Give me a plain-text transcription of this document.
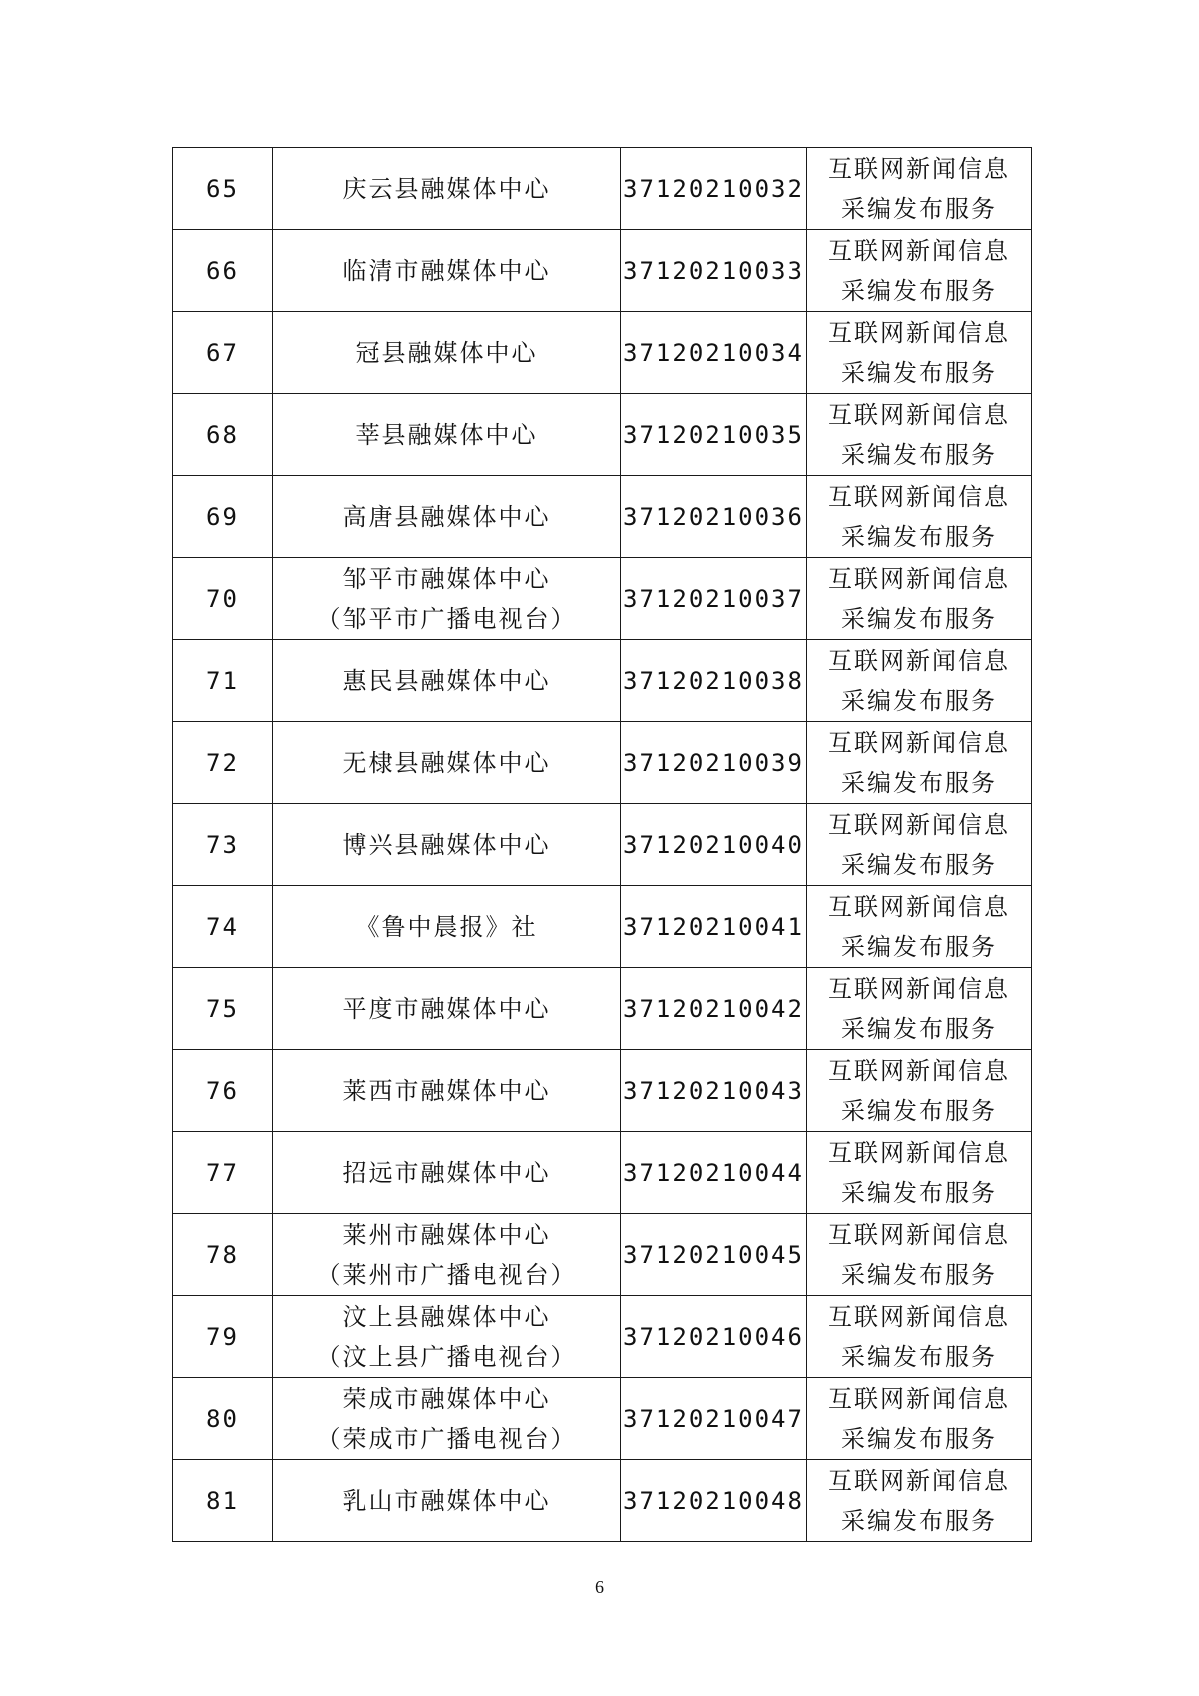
65	庆云县融媒体中心	37120210032	互联网新闻信息
采编发布服务

66	临清市融媒体中心	37120210033	互联网新闻信息
采编发布服务

67	冠县融媒体中心	37120210034	互联网新闻信息
采编发布服务

68	莘县融媒体中心	37120210035	互联网新闻信息
采编发布服务

69	高唐县融媒体中心	37120210036	互联网新闻信息
采编发布服务

70	邹平市融媒体中心
（邹平市广播电视台）	37120210037	互联网新闻信息
采编发布服务

71	惠民县融媒体中心	37120210038	互联网新闻信息
采编发布服务

72	无棣县融媒体中心	37120210039	互联网新闻信息
采编发布服务

73	博兴县融媒体中心	37120210040	互联网新闻信息
采编发布服务

74	《鲁中晨报》社	37120210041	互联网新闻信息
采编发布服务

75	平度市融媒体中心	37120210042	互联网新闻信息
采编发布服务

76	莱西市融媒体中心	37120210043	互联网新闻信息
采编发布服务

77	招远市融媒体中心	37120210044	互联网新闻信息
采编发布服务

78	莱州市融媒体中心
（莱州市广播电视台）	37120210045	互联网新闻信息
采编发布服务

79	汶上县融媒体中心
（汶上县广播电视台）	37120210046	互联网新闻信息
采编发布服务

80	荣成市融媒体中心
（荣成市广播电视台）	37120210047	互联网新闻信息
采编发布服务

81	乳山市融媒体中心	37120210048	互联网新闻信息
采编发布服务
6
